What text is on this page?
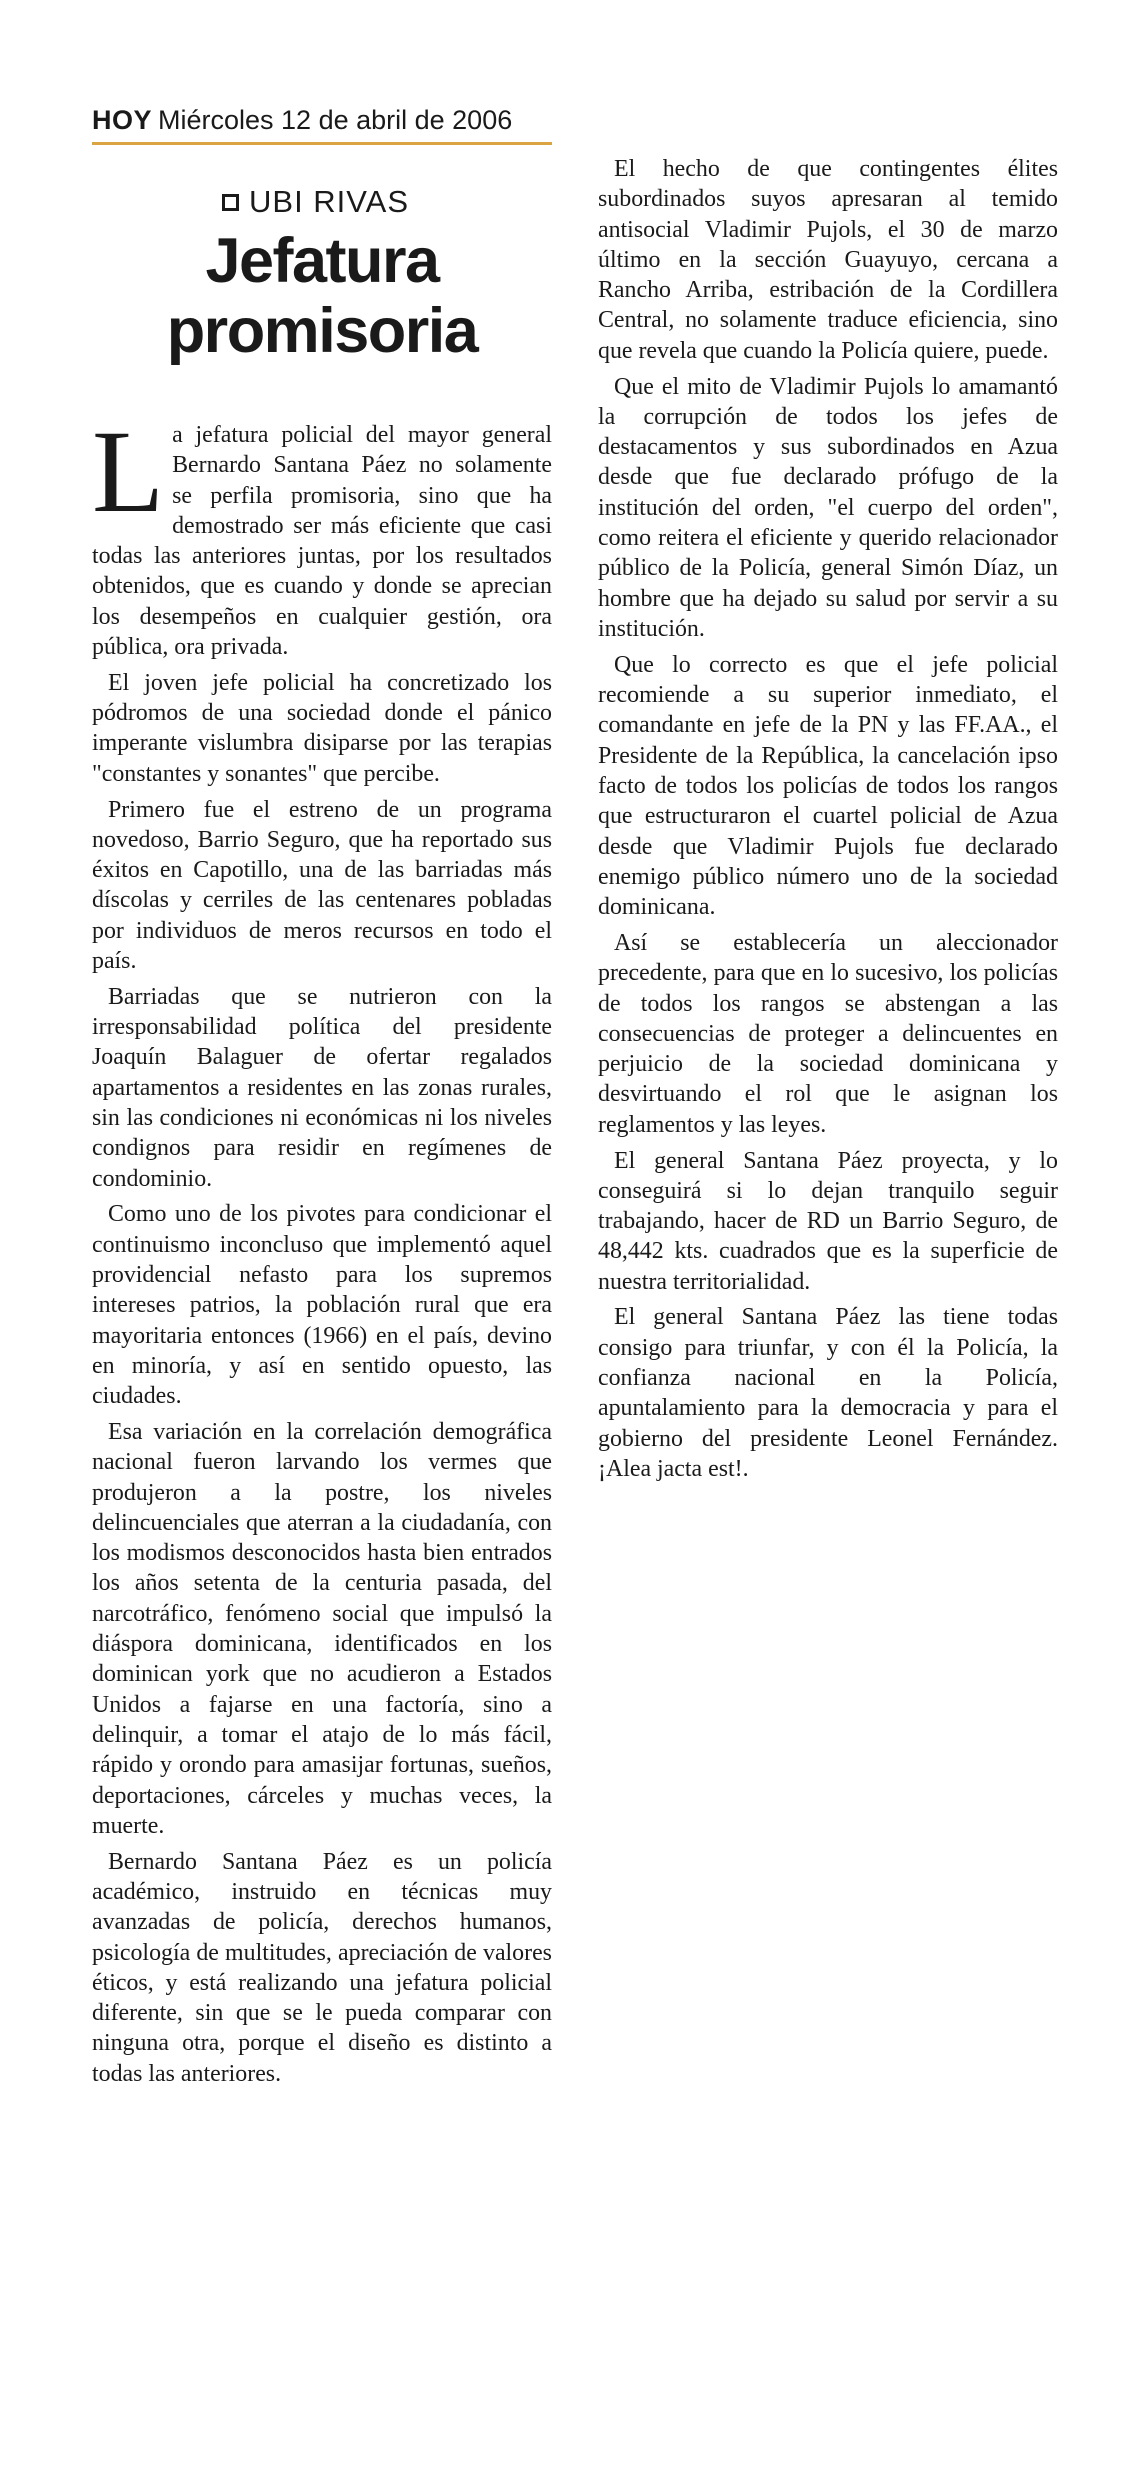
HOY Miércoles 12 de abril de 2006
UBI RIVAS
Jefatura
promisoria

La jefatura policial del mayor general Bernardo Santana Páez no solamente se perfila promisoria, sino que ha demostrado ser más eficiente que casi todas las anteriores juntas, por los resultados obtenidos, que es cuando y donde se aprecian los desempeños en cualquier gestión, ora pública, ora privada.

El joven jefe policial ha concretizado los pódromos de una sociedad donde el pánico imperante vislumbra disiparse por las terapias "constantes y sonantes" que percibe.

Primero fue el estreno de un programa novedoso, Barrio Seguro, que ha reportado sus éxitos en Capotillo, una de las barriadas más díscolas y cerriles de las centenares pobladas por individuos de meros recursos en todo el país.

Barriadas que se nutrieron con la irresponsabilidad política del presidente Joaquín Balaguer de ofertar regalados apartamentos a residentes en las zonas rurales, sin las condiciones ni económicas ni los niveles condignos para residir en regímenes de condominio.

Como uno de los pivotes para condicionar el continuismo inconcluso que implementó aquel providencial nefasto para los supremos intereses patrios, la población rural que era mayoritaria entonces (1966) en el país, devino en minoría, y así en sentido opuesto, las ciudades.

Esa variación en la correlación demográfica nacional fueron larvando los vermes que produjeron a la postre, los niveles delincuenciales que aterran a la ciudadanía, con los modismos desconocidos hasta bien entrados los años setenta de la centuria pasada, del narcotráfico, fenómeno social que impulsó la diáspora dominicana, identificados en los dominican york que no acudieron a Estados Unidos a fajarse en una factoría, sino a delinquir, a tomar el atajo de lo más fácil, rápido y orondo para amasijar fortunas, sueños, deportaciones, cárceles y muchas veces, la muerte.

Bernardo Santana Páez es un policía académico, instruido en técnicas muy avanzadas de policía, derechos humanos, psicología de multitudes, apreciación de valores éticos, y está realizando una jefatura policial diferente, sin que se le pueda comparar con ninguna otra, porque el diseño es distinto a todas las anteriores.

El hecho de que contingentes élites subordinados suyos apresaran al temido antisocial Vladimir Pujols, el 30 de marzo último en la sección Guayuyo, cercana a Rancho Arriba, estribación de la Cordillera Central, no solamente traduce eficiencia, sino que revela que cuando la Policía quiere, puede.

Que el mito de Vladimir Pujols lo amamantó la corrupción de todos los jefes de destacamentos y sus subordinados en Azua desde que fue declarado prófugo de la institución del orden, "el cuerpo del orden", como reitera el eficiente y querido relacionador público de la Policía, general Simón Díaz, un hombre que ha dejado su salud por servir a su institución.

Que lo correcto es que el jefe policial recomiende a su superior inmediato, el comandante en jefe de la PN y las FF.AA., el Presidente de la República, la cancelación ipso facto de todos los policías de todos los rangos que estructuraron el cuartel policial de Azua desde que Vladimir Pujols fue declarado enemigo público número uno de la sociedad dominicana.

Así se establecería un aleccionador precedente, para que en lo sucesivo, los policías de todos los rangos se abstengan a las consecuencias de proteger a delincuentes en perjuicio de la sociedad dominicana y desvirtuando el rol que le asignan los reglamentos y las leyes.

El general Santana Páez proyecta, y lo conseguirá si lo dejan tranquilo seguir trabajando, hacer de RD un Barrio Seguro, de 48,442 kts. cuadrados que es la superficie de nuestra territorialidad.

El general Santana Páez las tiene todas consigo para triunfar, y con él la Policía, la confianza nacional en la Policía, apuntalamiento para la democracia y para el gobierno del presidente Leonel Fernández. ¡Alea jacta est!.
